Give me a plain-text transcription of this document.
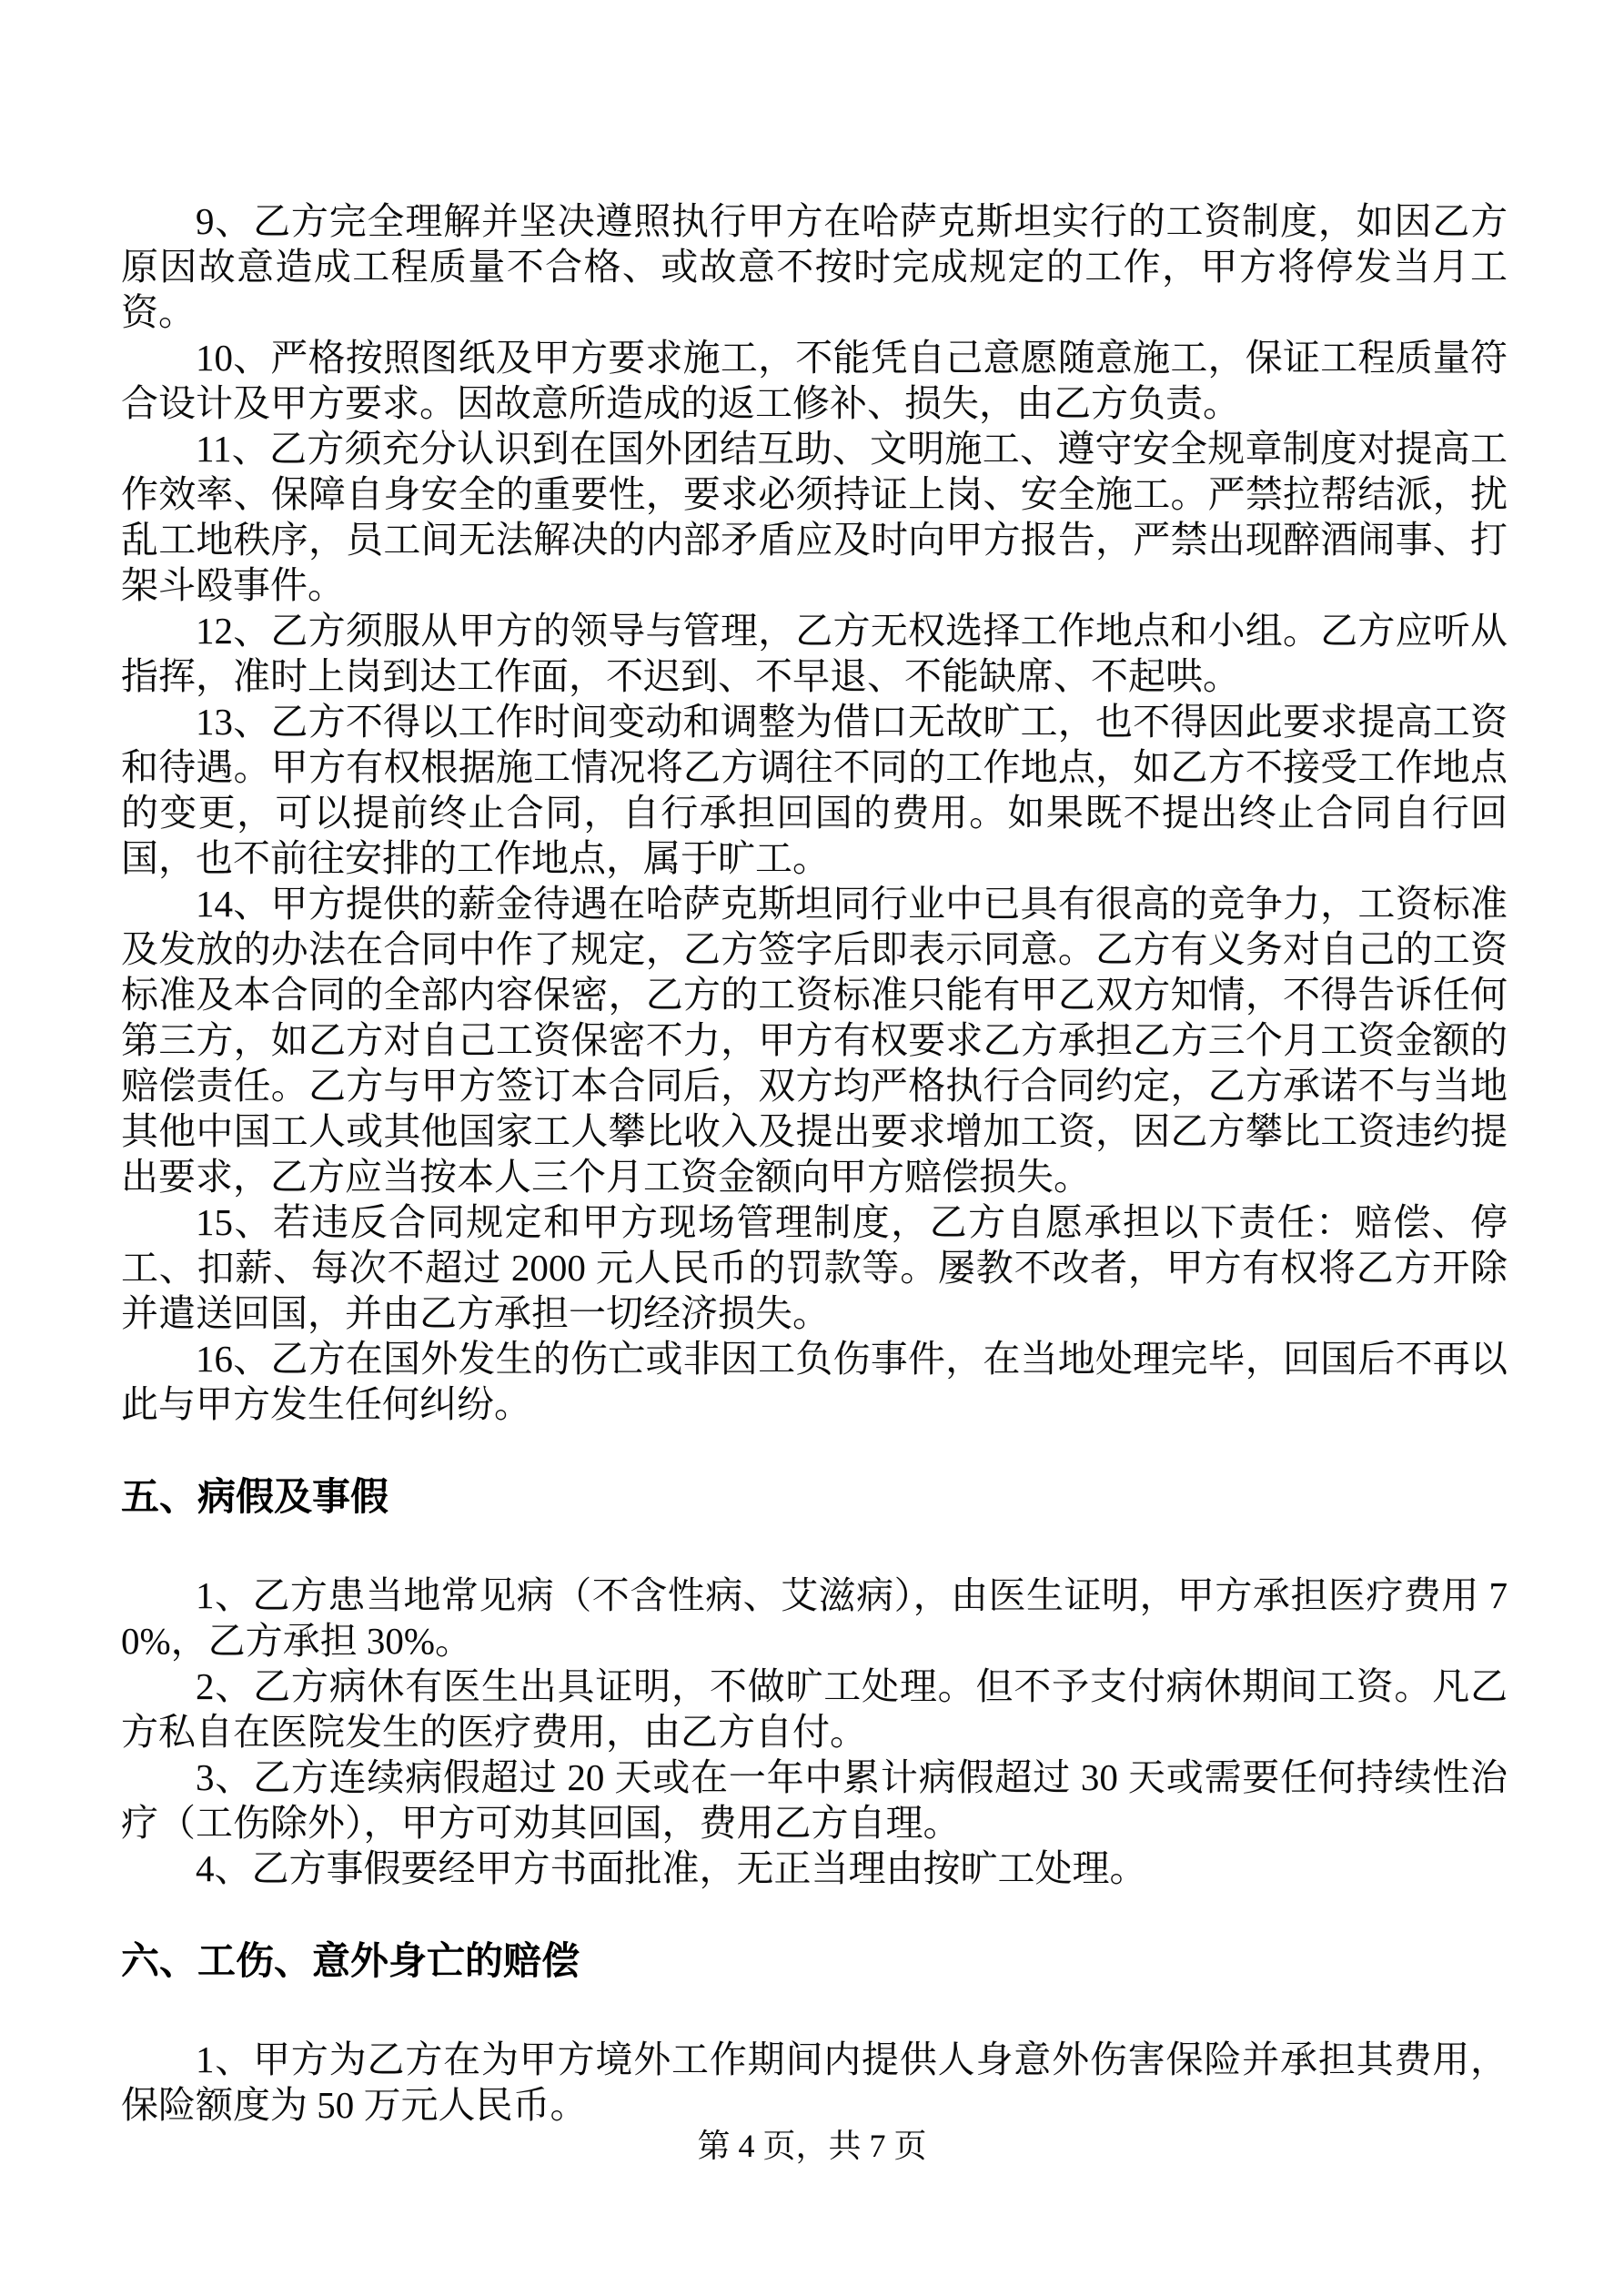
9、乙方完全理解并坚决遵照执行甲方在哈萨克斯坦实行的工资制度，如因乙方原因故意造成工程质量不合格、或故意不按时完成规定的工作，甲方将停发当月工资。

10、严格按照图纸及甲方要求施工，不能凭自己意愿随意施工，保证工程质量符合设计及甲方要求。因故意所造成的返工修补、损失，由乙方负责。

11、乙方须充分认识到在国外团结互助、文明施工、遵守安全规章制度对提高工作效率、保障自身安全的重要性，要求必须持证上岗、安全施工。严禁拉帮结派，扰乱工地秩序，员工间无法解决的内部矛盾应及时向甲方报告，严禁出现醉酒闹事、打架斗殴事件。

12、乙方须服从甲方的领导与管理，乙方无权选择工作地点和小组。乙方应听从指挥，准时上岗到达工作面，不迟到、不早退、不能缺席、不起哄。

13、乙方不得以工作时间变动和调整为借口无故旷工，也不得因此要求提高工资和待遇。甲方有权根据施工情况将乙方调往不同的工作地点，如乙方不接受工作地点的变更，可以提前终止合同，自行承担回国的费用。如果既不提出终止合同自行回国，也不前往安排的工作地点，属于旷工。

14、甲方提供的薪金待遇在哈萨克斯坦同行业中已具有很高的竞争力，工资标准及发放的办法在合同中作了规定，乙方签字后即表示同意。乙方有义务对自己的工资标准及本合同的全部内容保密，乙方的工资标准只能有甲乙双方知情，不得告诉任何第三方，如乙方对自己工资保密不力，甲方有权要求乙方承担乙方三个月工资金额的赔偿责任。乙方与甲方签订本合同后，双方均严格执行合同约定，乙方承诺不与当地其他中国工人或其他国家工人攀比收入及提出要求增加工资，因乙方攀比工资违约提出要求，乙方应当按本人三个月工资金额向甲方赔偿损失。

15、若违反合同规定和甲方现场管理制度，乙方自愿承担以下责任：赔偿、停工、扣薪、每次不超过 2000 元人民币的罚款等。屡教不改者，甲方有权将乙方开除并遣送回国，并由乙方承担一切经济损失。

16、乙方在国外发生的伤亡或非因工负伤事件，在当地处理完毕，回国后不再以此与甲方发生任何纠纷。

五、病假及事假

1、乙方患当地常见病（不含性病、艾滋病），由医生证明，甲方承担医疗费用 70%，乙方承担 30%。

2、乙方病休有医生出具证明，不做旷工处理。但不予支付病休期间工资。凡乙方私自在医院发生的医疗费用，由乙方自付。

3、乙方连续病假超过 20 天或在一年中累计病假超过 30 天或需要任何持续性治疗（工伤除外），甲方可劝其回国，费用乙方自理。

4、乙方事假要经甲方书面批准，无正当理由按旷工处理。

六、工伤、意外身亡的赔偿

1、甲方为乙方在为甲方境外工作期间内提供人身意外伤害保险并承担其费用，保险额度为 50 万元人民币。

第 4 页，共 7 页
